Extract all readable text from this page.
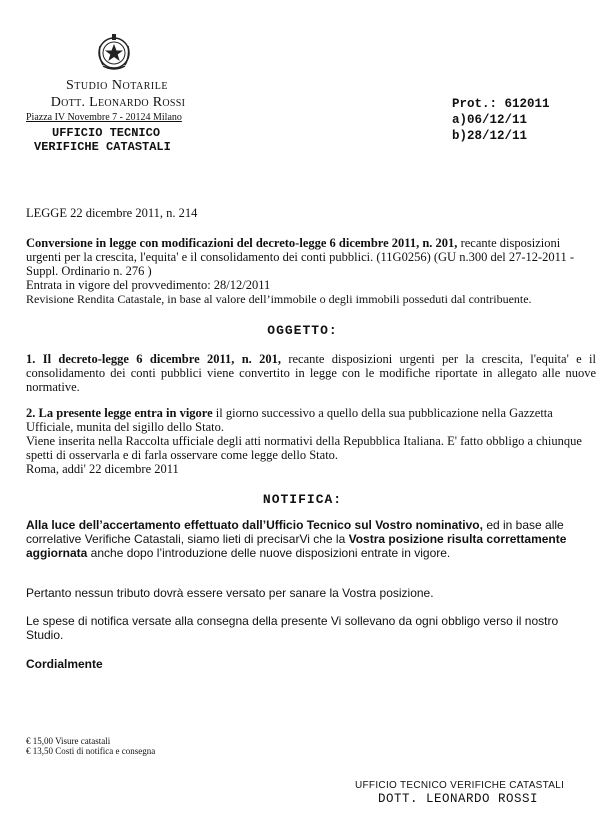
Studio Notarile
Dott. Leonardo Rossi
Piazza IV Novembre 7 - 20124 Milano
UFFICIO TECNICO
VERIFICHE CATASTALI
Prot.: 612011
a)06/12/11
b)28/12/11
LEGGE 22 dicembre 2011, n. 214
Conversione in legge con modificazioni del decreto-legge 6 dicembre 2011, n. 201, recante disposizioni urgenti per la crescita, l'equita' e il consolidamento dei conti pubblici. (11G0256) (GU n.300 del 27-12-2011 - Suppl. Ordinario n. 276 )
Entrata in vigore del provvedimento: 28/12/2011
Revisione Rendita Catastale, in base al valore dell’immobile o degli immobili posseduti dal contribuente.
OGGETTO:
1. Il decreto-legge 6 dicembre 2011, n. 201, recante disposizioni urgenti per la crescita, l'equita' e il consolidamento dei conti pubblici viene convertito in legge con le modifiche riportate in allegato alle nuove normative.
2. La presente legge entra in vigore il giorno successivo a quello della sua pubblicazione nella Gazzetta Ufficiale, munita del sigillo dello Stato.
Viene inserita nella Raccolta ufficiale degli atti normativi della Repubblica Italiana. E' fatto obbligo a chiunque spetti di osservarla e di farla osservare come legge dello Stato.
Roma, addi' 22 dicembre 2011
NOTIFICA:
Alla luce dell’accertamento effettuato dall’Ufficio Tecnico sul Vostro nominativo, ed in base alle correlative Verifiche Catastali, siamo lieti di precisarVi che la Vostra posizione risulta correttamente aggiornata anche dopo l’introduzione delle nuove disposizioni entrate in vigore.
Pertanto nessun tributo dovrà essere versato per sanare la Vostra posizione.
Le spese di notifica versate alla consegna della presente Vi sollevano da ogni obbligo verso il nostro Studio.
Cordialmente
€ 15,00 Visure catastali
€ 13,50 Costi di notifica e consegna
UFFICIO TECNICO VERIFICHE CATASTALI
DOTT. LEONARDO ROSSI
